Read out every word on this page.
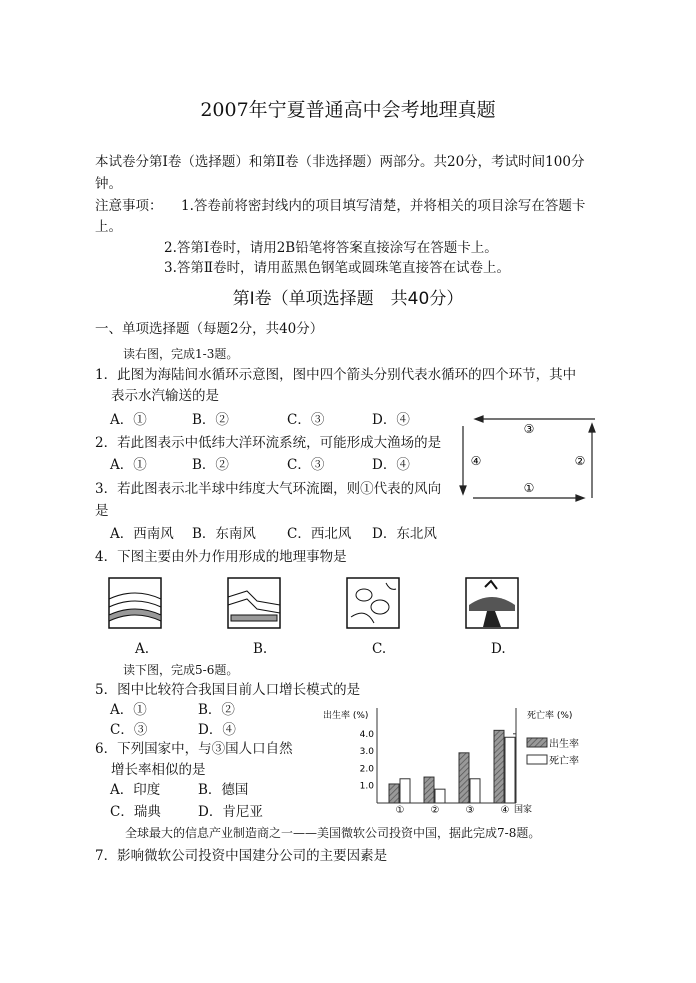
2007年宁夏普通高中会考地理真题
本试卷分第Ⅰ卷（选择题）和第Ⅱ卷（非选择题）两部分。共20分，考试时间100分
钟。
注意事项： 1.答卷前将密封线内的项目填写清楚，并将相关的项目涂写在答题卡
上。
2.答第Ⅰ卷时，请用2B铅笔将答案直接涂写在答题卡上。
3.答第Ⅱ卷时，请用蓝黑色钢笔或圆珠笔直接答在试卷上。
第Ⅰ卷（单项选择题　共40分）
一、单项选择题（每题2分，共40分）
读右图，完成1-3题。
1．此图为海陆间水循环示意图，图中四个箭头分别代表水循环的四个环节，其中
表示水汽输送的是
A．①	B．②	C．③	D．④
2．若此图表示中低纬大洋环流系统，可能形成大渔场的是
A．①	B．②	C．③	D．④
3．若此图表示北半球中纬度大气环流圈，则①代表的风向
是
A．西南风 B．东南风 C．西北风 D．东北风
③
②
①
④
4．下图主要由外力作用形成的地理事物是
A.	B.	C.	D.
读下图，完成5-6题。
5．图中比较符合我国目前人口增长模式的是
A．①	B．②
C．③	D．④
6．下列国家中，与③国人口自然
增长率相似的是
A．印度	B．德国
C．瑞典	D．肯尼亚
出生率 (%)	死亡率 (%)
国家
1.0
2.0
3.0
4.0
①	②	③	④
出生率
死亡率
全球最大的信息产业制造商之一——美国微软公司投资中国，据此完成7-8题。
7．影响微软公司投资中国建分公司的主要因素是
